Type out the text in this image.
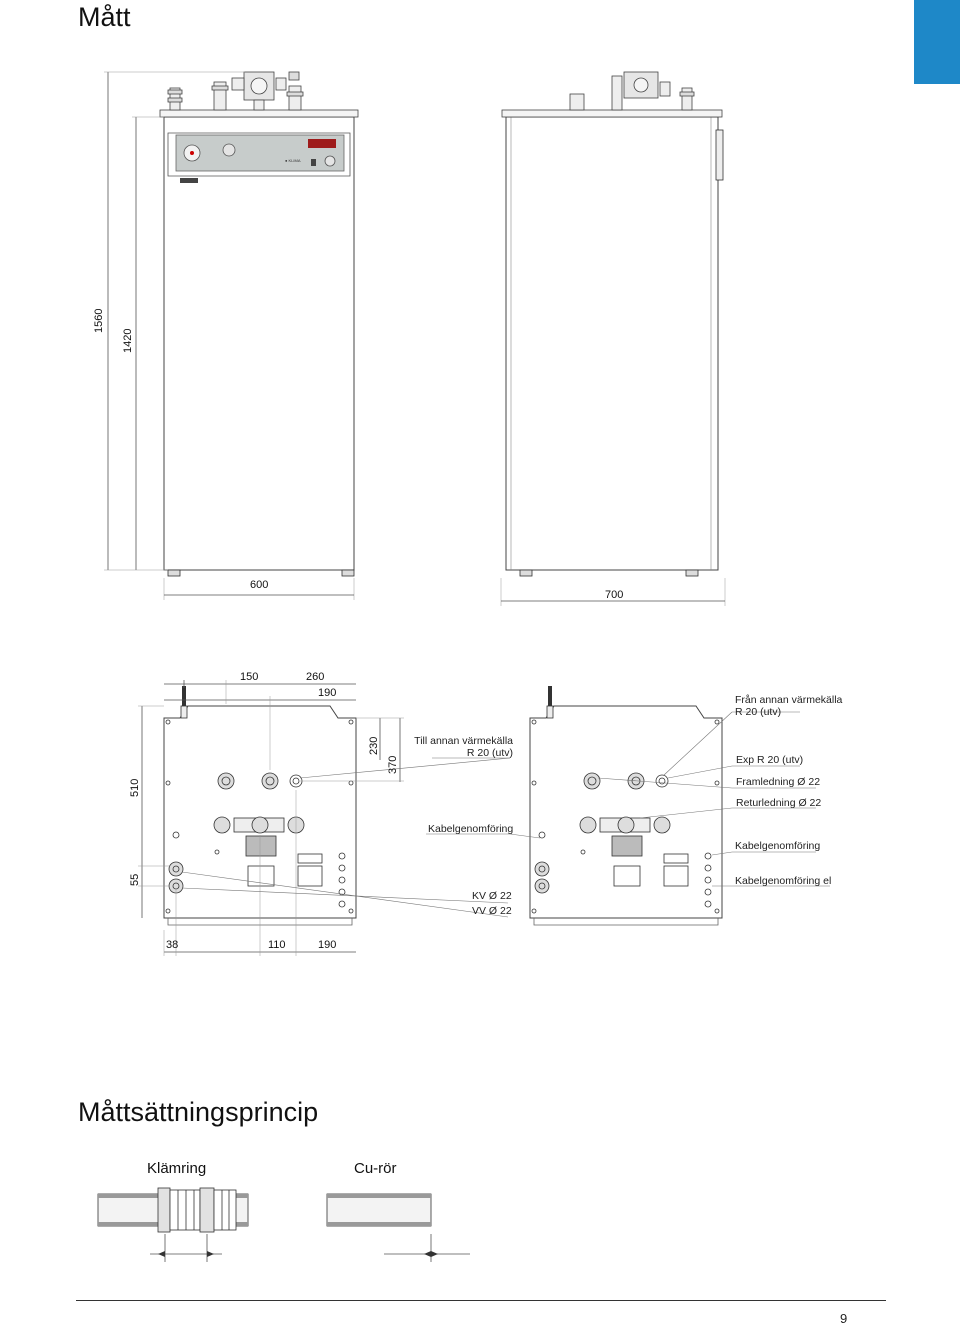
Mått
● KLIMA
1560
1420
600
700
150	260
190
230
370
510
55
38	110	190
Till annan värmekälla
R 20 (utv)
Från annan värmekälla
R 20 (utv)
Exp R 20 (utv)
Framledning Ø 22
Returledning Ø 22
Kabelgenomföring
Kabelgenomföring
Kabelgenomföring el
KV Ø 22
VV Ø 22
Måttsättningsprincip
Klämring	Cu-rör
9
